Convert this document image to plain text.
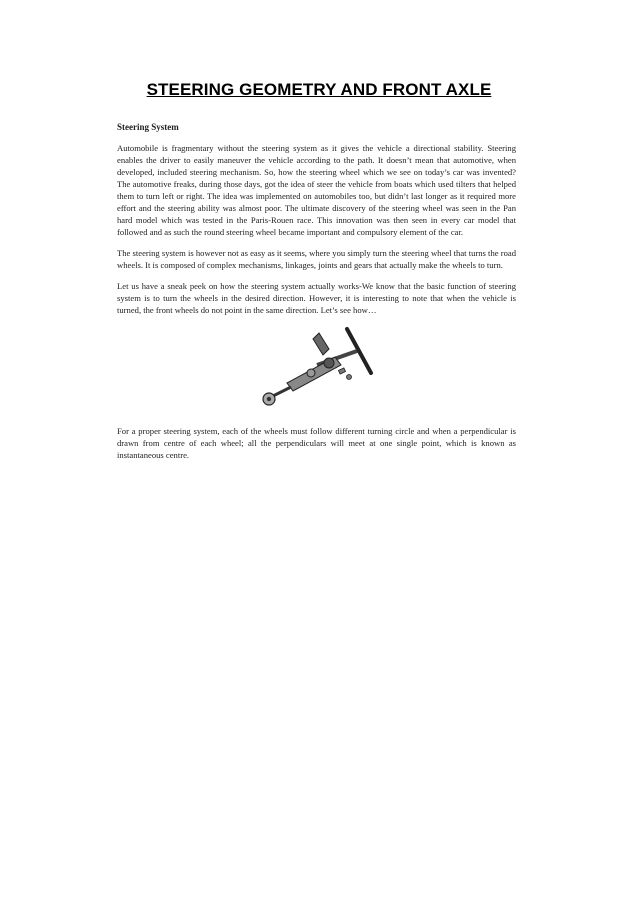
STEERING GEOMETRY AND FRONT AXLE
Steering System

Automobile is fragmentary without the steering system as it gives the vehicle a directional stability. Steering enables the driver to easily maneuver the vehicle according to the path. It doesn’t mean that automotive, when developed, included steering mechanism. So, how the steering wheel which we see on today’s car was invented? The automotive freaks, during those days, got the idea of steer the vehicle from boats which used tilters that helped them to turn left or right. The idea was implemented on automobiles too, but didn’t last longer as it required more effort and the steering ability was almost poor. The ultimate discovery of the steering wheel was seen in the Pan hard model which was tested in the Paris-Rouen race. This innovation was then seen in every car model that followed and as such the round steering wheel became important and compulsory element of the car.

The steering system is however not as easy as it seems, where you simply turn the steering wheel that turns the road wheels. It is composed of complex mechanisms, linkages, joints and gears that actually make the wheels to turn.

Let us have a sneak peek on how the steering system actually works-We know that the basic function of steering system is to turn the wheels in the desired direction. However, it is interesting to note that when the vehicle is turned, the front wheels do not point in the same direction. Let’s see how…

For a proper steering system, each of the wheels must follow different turning circle and when a perpendicular is drawn from centre of each wheel; all the perpendiculars will meet at one single point, which is known as instantaneous centre.
